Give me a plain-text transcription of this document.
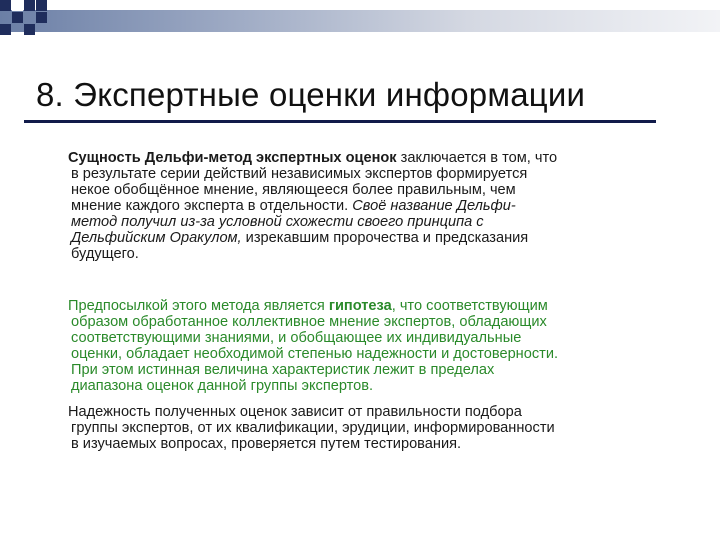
8. Экспертные оценки информации
Сущность Дельфи-метод экспертных оценок заключается в том, что
в результате серии действий независимых экспертов формируется
некое обобщённое мнение, являющееся более правильным, чем
мнение каждого эксперта в отдельности. Своё название Дельфи-
метод получил из-за условной схожести своего принципа с
Дельфийским Оракулом, изрекавшим пророчества и предсказания
будущего.
Предпосылкой этого метода является гипотеза, что соответствующим
образом обработанное коллективное мнение экспертов, обладающих
соответствующими знаниями, и обобщающее их индивидуальные
оценки, обладает необходимой степенью надежности и достоверности.
При этом истинная величина характеристик лежит в пределах
диапазона оценок данной группы экспертов.
Надежность полученных оценок зависит от правильности подбора
группы экспертов, от их квалификации, эрудиции, информированности
в изучаемых вопросах, проверяется путем тестирования.
